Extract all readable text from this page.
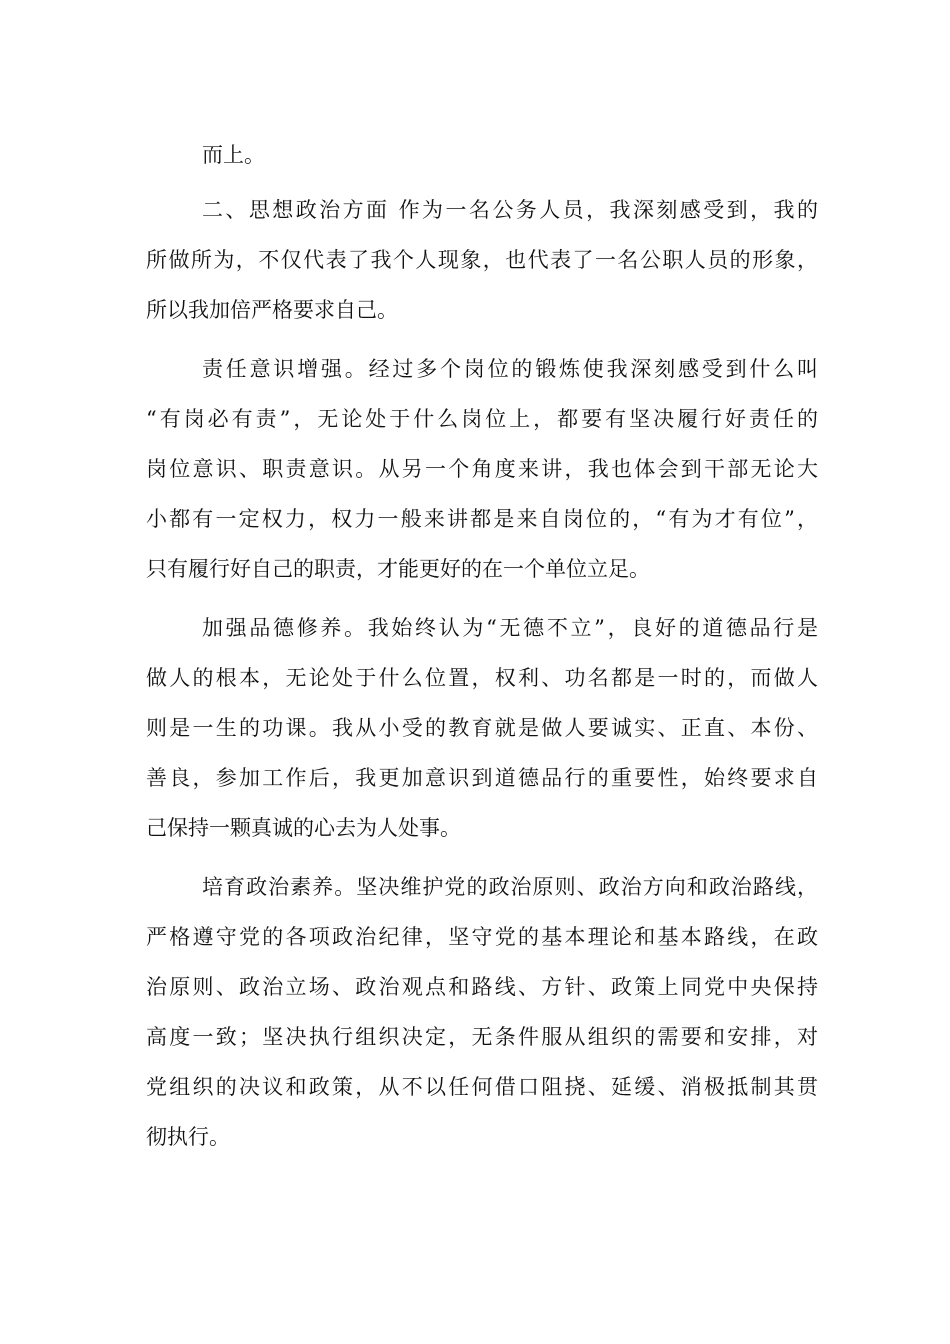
而上。
二、思想政治方面 作为一名公务人员，我深刻感受到，我的
所做所为，不仅代表了我个人现象，也代表了一名公职人员的形象，
所以我加倍严格要求自己。
责任意识增强。经过多个岗位的锻炼使我深刻感受到什么叫
“有岗必有责”，无论处于什么岗位上，都要有坚决履行好责任的
岗位意识、职责意识。从另一个角度来讲，我也体会到干部无论大
小都有一定权力，权力一般来讲都是来自岗位的，“有为才有位”，
只有履行好自己的职责，才能更好的在一个单位立足。
加强品德修养。我始终认为“无德不立”，良好的道德品行是
做人的根本，无论处于什么位置，权利、功名都是一时的，而做人
则是一生的功课。我从小受的教育就是做人要诚实、正直、本份、
善良，参加工作后，我更加意识到道德品行的重要性，始终要求自
己保持一颗真诚的心去为人处事。
培育政治素养。坚决维护党的政治原则、政治方向和政治路线，
严格遵守党的各项政治纪律，坚守党的基本理论和基本路线，在政
治原则、政治立场、政治观点和路线、方针、政策上同党中央保持
高度一致；坚决执行组织决定，无条件服从组织的需要和安排，对
党组织的决议和政策，从不以任何借口阻挠、延缓、消极抵制其贯
彻执行。
